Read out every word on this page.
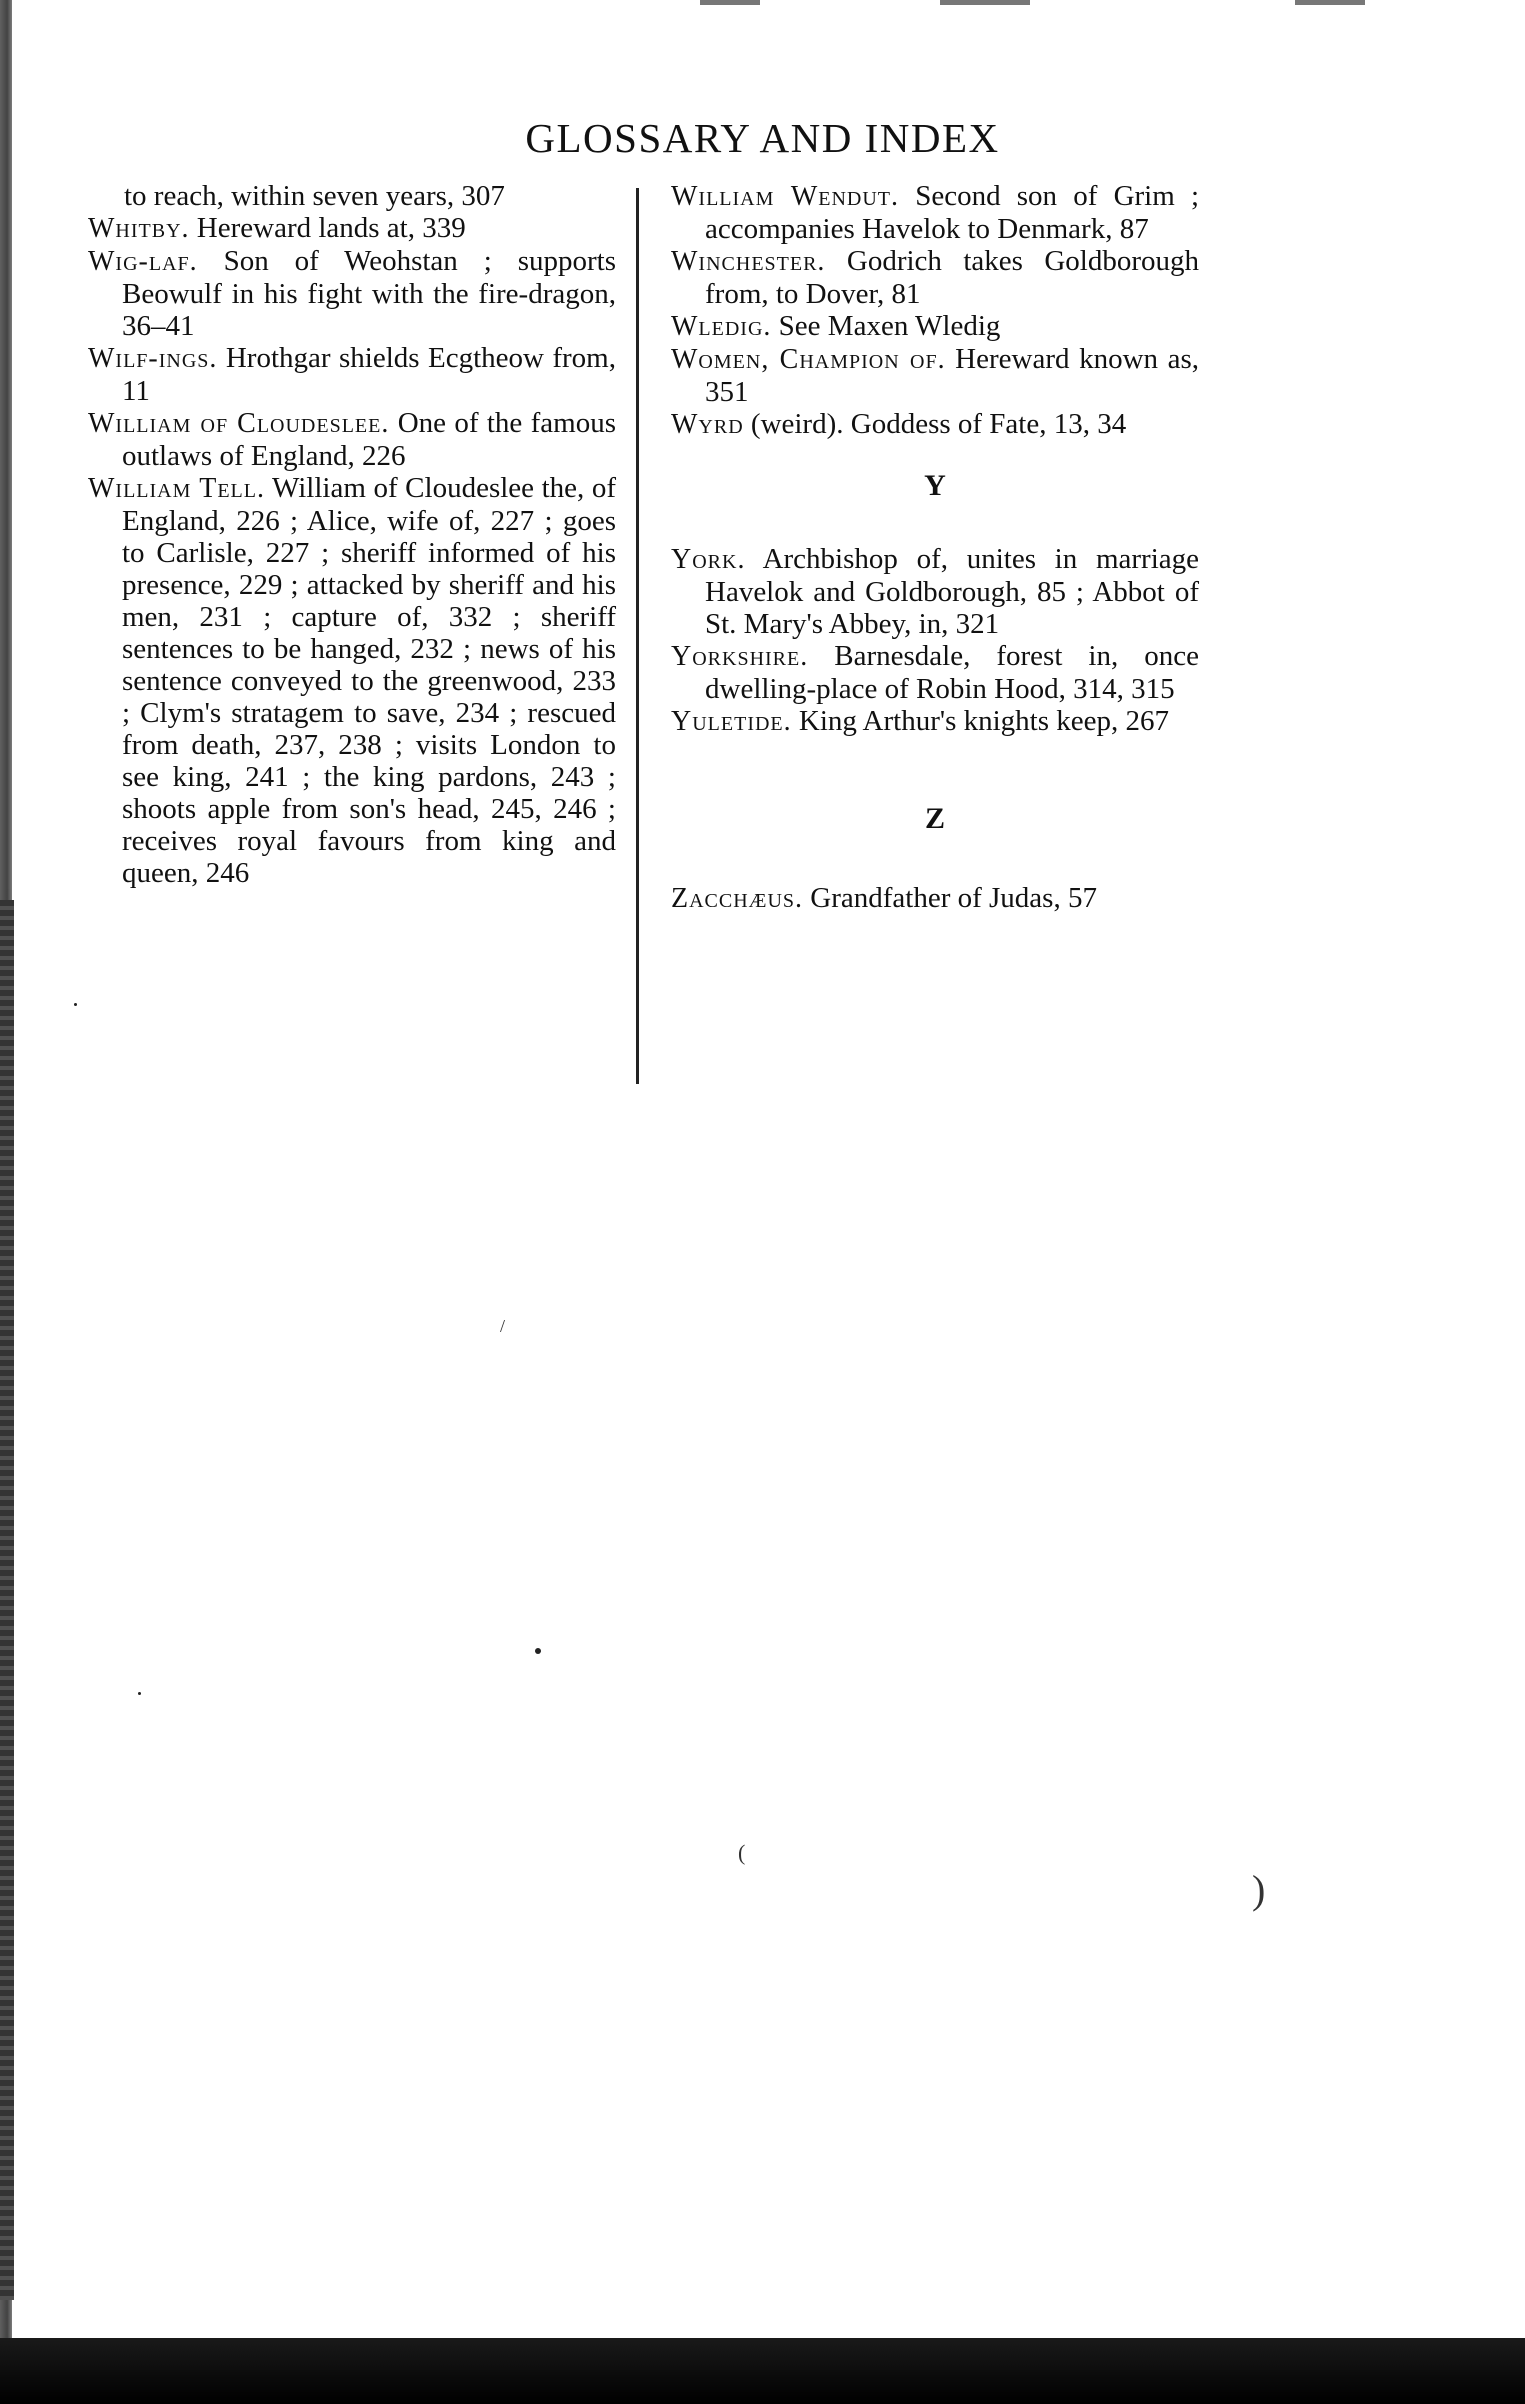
GLOSSARY AND INDEX

to reach, within seven years, 307

Whitby. Hereward lands at, 339

Wig-laf. Son of Weohstan ; supports Beowulf in his fight with the fire-dragon, 36–41

Wilf-ings. Hrothgar shields Ecgtheow from, 11

William of Cloudeslee. One of the famous outlaws of England, 226

William Tell. William of Cloudeslee the, of England, 226 ; Alice, wife of, 227 ; goes to Carlisle, 227 ; sheriff informed of his presence, 229 ; attacked by sheriff and his men, 231 ; capture of, 332 ; sheriff sentences to be hanged, 232 ; news of his sentence conveyed to the greenwood, 233 ; Clym's stratagem to save, 234 ; rescued from death, 237, 238 ; visits London to see king, 241 ; the king pardons, 243 ; shoots apple from son's head, 245, 246 ; receives royal favours from king and queen, 246

William Wendut. Second son of Grim ; accompanies Havelok to Denmark, 87

Winchester. Godrich takes Goldborough from, to Dover, 81

Wledig. See Maxen Wledig

Women, Champion of. Hereward known as, 351

Wyrd (weird). Goddess of Fate, 13, 34

Y

York. Archbishop of, unites in marriage Havelok and Goldborough, 85 ; Abbot of St. Mary's Abbey, in, 321

Yorkshire. Barnesdale, forest in, once dwelling-place of Robin Hood, 314, 315

Yuletide. King Arthur's knights keep, 267

Z

Zacchæus. Grandfather of Judas, 57

)
(
/
